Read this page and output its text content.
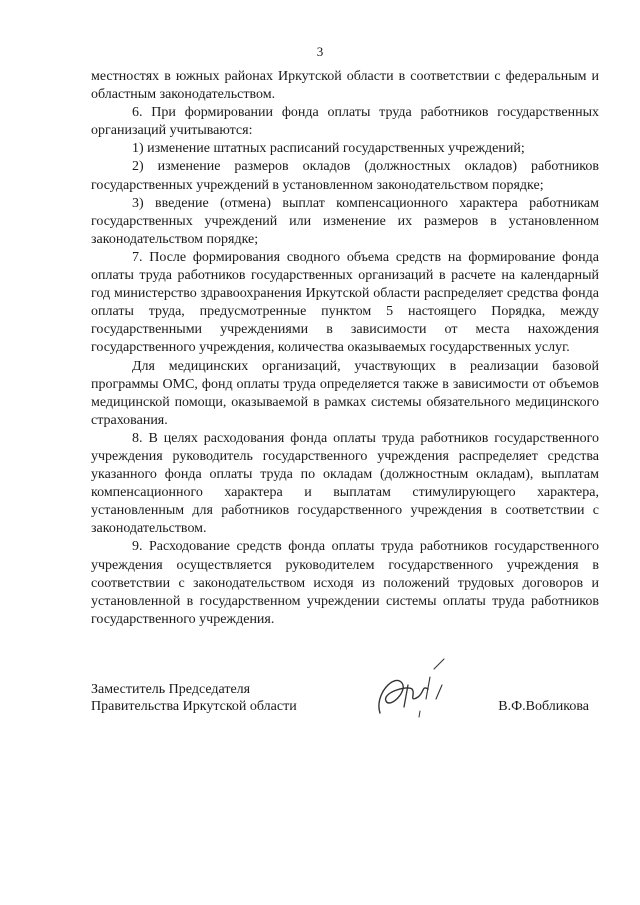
3

местностях в южных районах Иркутской области в соответствии с федеральным и областным законодательством.

6. При формировании фонда оплаты труда работников государственных организаций учитываются:

1) изменение штатных расписаний государственных учреждений;

2) изменение размеров окладов (должностных окладов) работников государственных учреждений в установленном законодательством порядке;

3) введение (отмена) выплат компенсационного характера работникам государственных учреждений или изменение их размеров в установленном законодательством порядке;

7. После формирования сводного объема средств на формирование фонда оплаты труда работников государственных организаций в расчете на календарный год министерство здравоохранения Иркутской области распределяет средства фонда оплаты труда, предусмотренные пунктом 5 настоящего Порядка, между государственными учреждениями в зависимости от места нахождения государственного учреждения, количества оказываемых государственных услуг.

Для медицинских организаций, участвующих в реализации базовой программы ОМС, фонд оплаты труда определяется также в зависимости от объемов медицинской помощи, оказываемой в рамках системы обязательного медицинского страхования.

8. В целях расходования фонда оплаты труда работников государственного учреждения руководитель государственного учреждения распределяет средства указанного фонда оплаты труда по окладам (должностным окладам), выплатам компенсационного характера и выплатам стимулирующего характера, установленным для работников государственного учреждения в соответствии с законодательством.

9. Расходование средств фонда оплаты труда работников государственного учреждения осуществляется руководителем государственного учреждения в соответствии с законодательством исходя из положений трудовых договоров и установленной в государственном учреждении системы оплаты труда работников государственного учреждения.

Заместитель Председателя
Правительства Иркутской области	В.Ф.Вобликова
